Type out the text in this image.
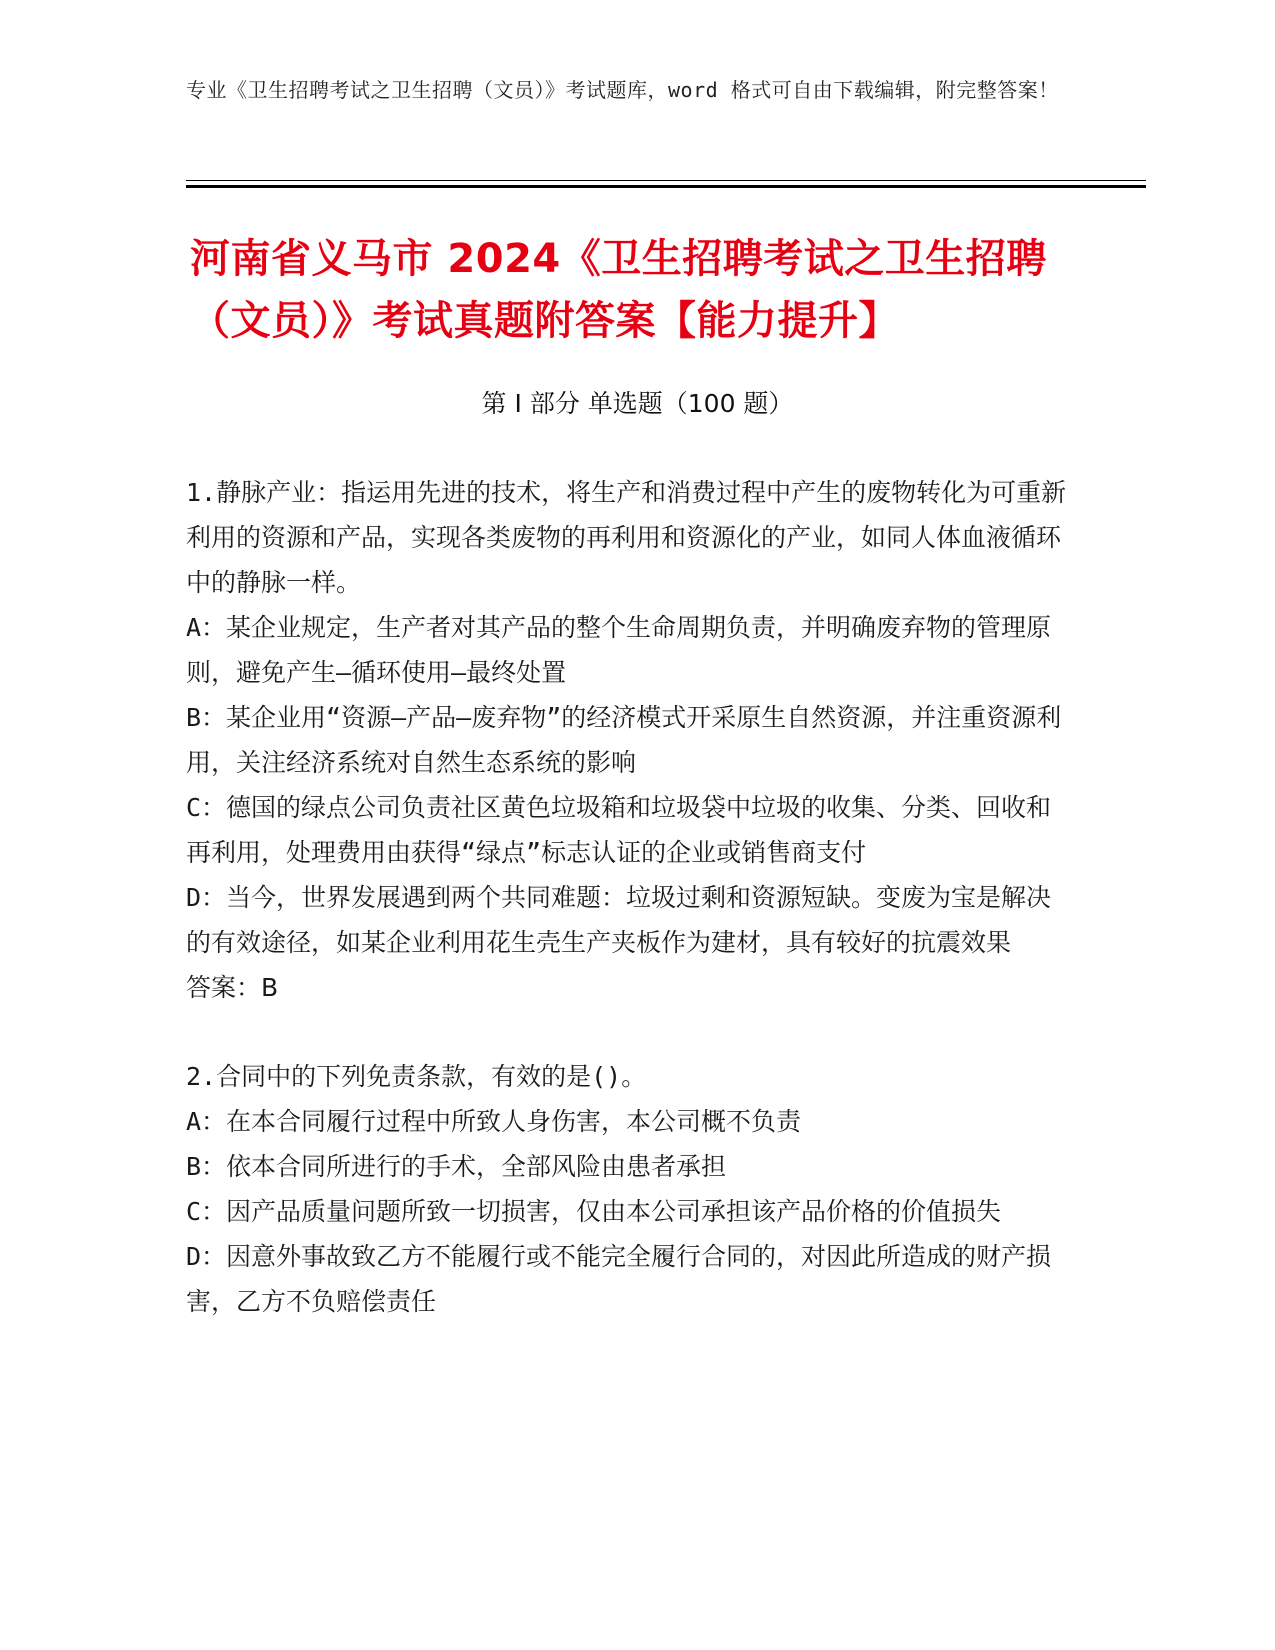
专业《卫生招聘考试之卫生招聘（文员）》考试题库，word 格式可自由下载编辑，附完整答案！
河南省义马市 2024《卫生招聘考试之卫生招聘（文员）》考试真题附答案【能力提升】
第 I 部分 单选题（100 题）

1.静脉产业：指运用先进的技术，将生产和消费过程中产生的废物转化为可重新利用的资源和产品，实现各类废物的再利用和资源化的产业，如同人体血液循环中的静脉一样。

A：某企业规定，生产者对其产品的整个生命周期负责，并明确废弃物的管理原则，避免产生—循环使用—最终处置

B：某企业用“资源—产品—废弃物”的经济模式开采原生自然资源，并注重资源利用，关注经济系统对自然生态系统的影响

C：德国的绿点公司负责社区黄色垃圾箱和垃圾袋中垃圾的收集、分类、回收和再利用，处理费用由获得“绿点”标志认证的企业或销售商支付

D：当今，世界发展遇到两个共同难题：垃圾过剩和资源短缺。变废为宝是解决的有效途径，如某企业利用花生壳生产夹板作为建材，具有较好的抗震效果

答案：B

2.合同中的下列免责条款，有效的是()。

A：在本合同履行过程中所致人身伤害，本公司概不负责

B：依本合同所进行的手术，全部风险由患者承担

C：因产品质量问题所致一切损害，仅由本公司承担该产品价格的价值损失

D：因意外事故致乙方不能履行或不能完全履行合同的，对因此所造成的财产损害，乙方不负赔偿责任
